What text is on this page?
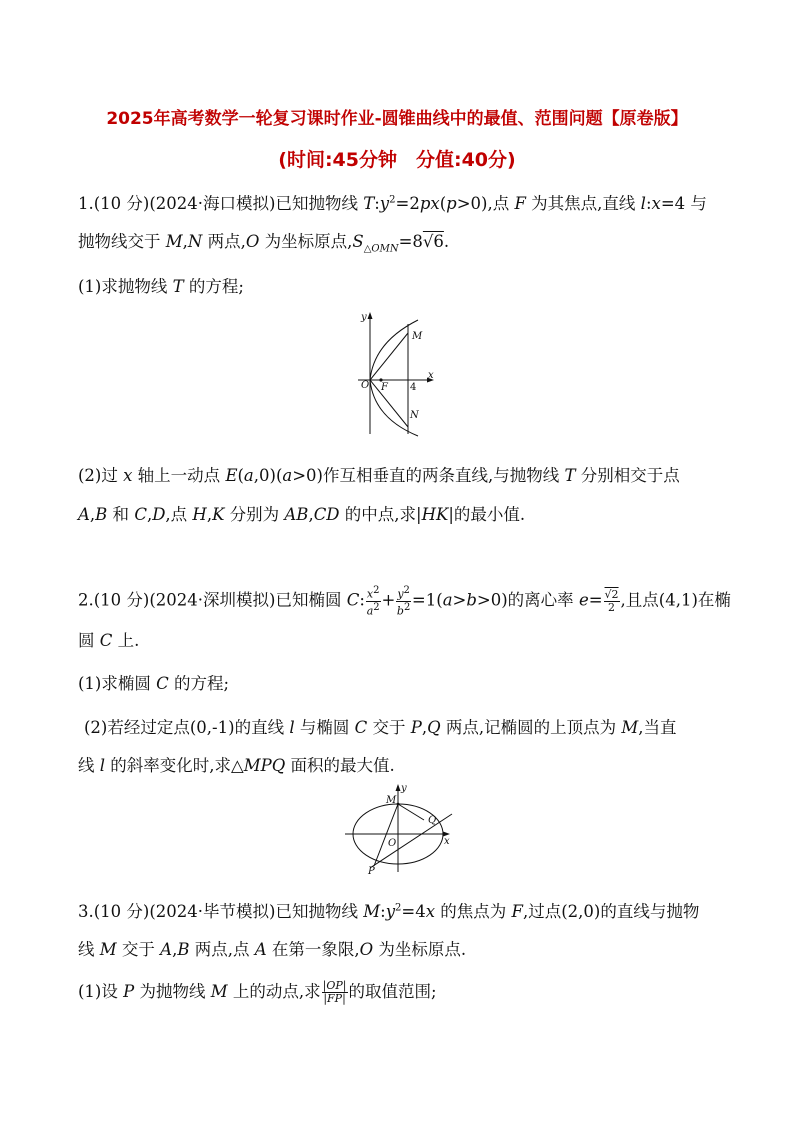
2025年高考数学一轮复习课时作业-圆锥曲线中的最值、范围问题【原卷版】
(时间:45分钟　分值:40分)
1.(10 分)(2024·海口模拟)已知抛物线 $T:y^2=2px(p>0)$,点 F 为其焦点,直线 l:x=4 与
抛物线交于 M,N 两点,O 为坐标原点$,S_{\triangle OMN}=8√6$.
(1)求抛物线 T 的方程;
y
M
O F 4
x
N
(2)过 x 轴上一动点 E(a,0)(a>0)作互相垂直的两条直线,与抛物线 T 分别相交于点
A,B 和 C,D,点 H,K 分别为 AB,CD 的中点,求|HK|的最小值.
2.(10 分)(2024·深圳模拟)已知椭圆 C: $\frac{x^2}{a^2} + \frac{y^2}{b^2} =1(a>b>0)$的离心率 $e= \frac{√2}{2}$ ,且点(4,1)在椭
圆 C 上.
(1)求椭圆 C 的方程;
(2)若经过定点(0,-1)的直线 l 与椭圆 C 交于 P,Q 两点,记椭圆的上顶点为 M,当直
线 l 的斜率变化时,求△MPQ 面积的最大值.
y
M
Q
O	x
P
3.(10 分)(2024·毕节模拟)已知抛物线 $M:y^2=4x$ 的焦点为 F,过点(2,0)的直线与抛物
线 M 交于 A,B 两点,点 A 在第一象限,O 为坐标原点.
(1)设 P 为抛物线 M 上的动点,求 $\frac{|OP|}{|FP|}$ 的取值范围;
